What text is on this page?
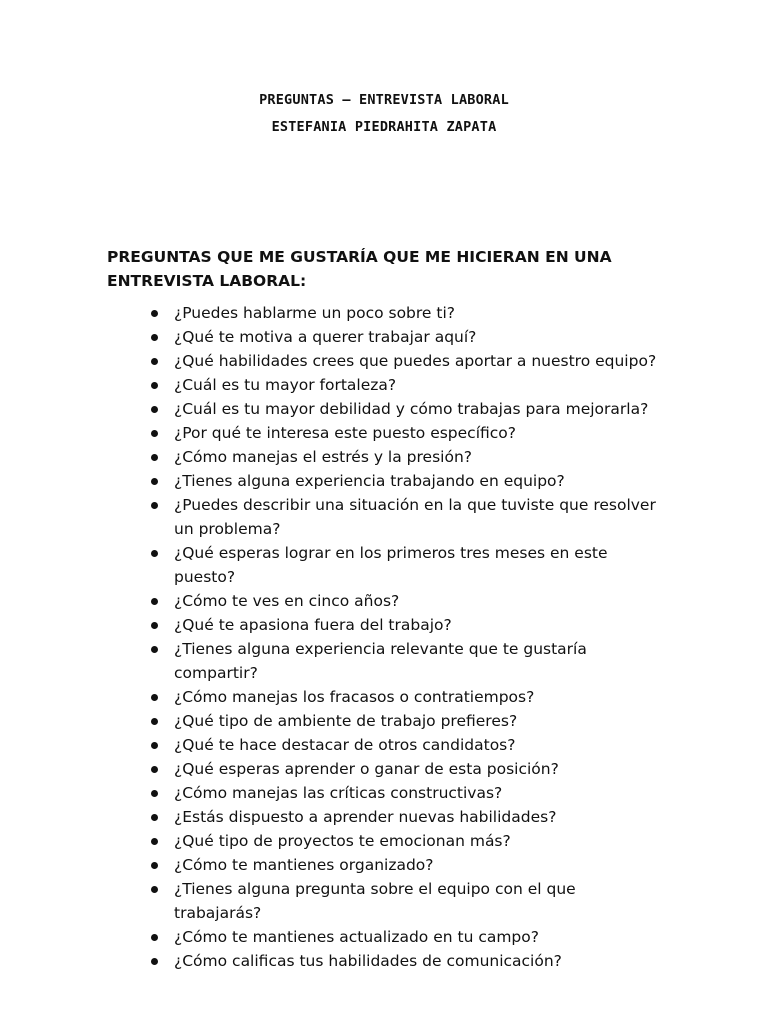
PREGUNTAS – ENTREVISTA LABORAL
ESTEFANIA PIEDRAHITA ZAPATA
PREGUNTAS QUE ME GUSTARÍA QUE ME HICIERAN EN UNA ENTREVISTA LABORAL:
¿Puedes hablarme un poco sobre ti?
¿Qué te motiva a querer trabajar aquí?
¿Qué habilidades crees que puedes aportar a nuestro equipo?
¿Cuál es tu mayor fortaleza?
¿Cuál es tu mayor debilidad y cómo trabajas para mejorarla?
¿Por qué te interesa este puesto específico?
¿Cómo manejas el estrés y la presión?
¿Tienes alguna experiencia trabajando en equipo?
¿Puedes describir una situación en la que tuviste que resolver un problema?
¿Qué esperas lograr en los primeros tres meses en este puesto?
¿Cómo te ves en cinco años?
¿Qué te apasiona fuera del trabajo?
¿Tienes alguna experiencia relevante que te gustaría compartir?
¿Cómo manejas los fracasos o contratiempos?
¿Qué tipo de ambiente de trabajo prefieres?
¿Qué te hace destacar de otros candidatos?
¿Qué esperas aprender o ganar de esta posición?
¿Cómo manejas las críticas constructivas?
¿Estás dispuesto a aprender nuevas habilidades?
¿Qué tipo de proyectos te emocionan más?
¿Cómo te mantienes organizado?
¿Tienes alguna pregunta sobre el equipo con el que trabajarás?
¿Cómo te mantienes actualizado en tu campo?
¿Cómo calificas tus habilidades de comunicación?
